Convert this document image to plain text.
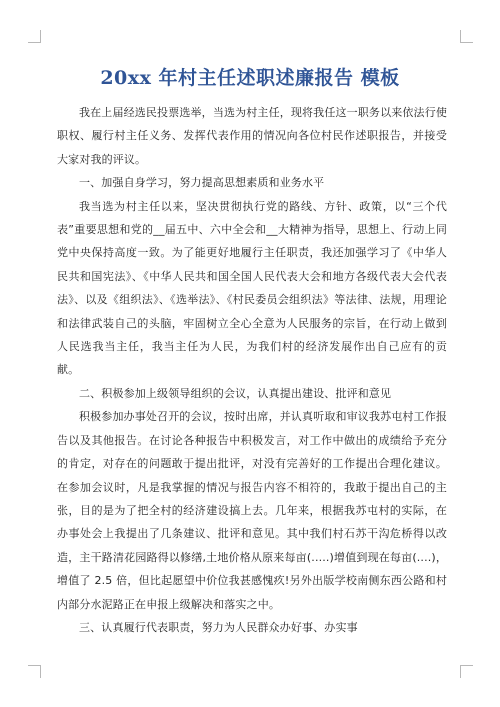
20xx 年村主任述职述廉报告 模板

我在上届经选民投票选举，当选为村主任，现将我任这一职务以来依法行使职权、履行村主任义务、发挥代表作用的情况向各位村民作述职报告，并接受大家对我的评议。

一、加强自身学习，努力提高思想素质和业务水平

我当选为村主任以来，坚决贯彻执行党的路线、方针、政策，以“三个代表”重要思想和党的__届五中、六中全会和__大精神为指导，思想上、行动上同党中央保持高度一致。为了能更好地履行主任职责，我还加强学习了《中华人民共和国宪法》、《中华人民共和国全国人民代表大会和地方各级代表大会代表法》、以及《组织法》、《选举法》、《村民委员会组织法》等法律、法规，用理论和法律武装自己的头脑，牢固树立全心全意为人民服务的宗旨，在行动上做到人民选我当主任，我当主任为人民，为我们村的经济发展作出自己应有的贡献。

二、积极参加上级领导组织的会议，认真提出建设、批评和意见

积极参加办事处召开的会议，按时出席，并认真听取和审议我苏屯村工作报告以及其他报告。在讨论各种报告中积极发言，对工作中做出的成绩给予充分的肯定，对存在的问题敢于提出批评，对没有完善好的工作提出合理化建议。在参加会议时，凡是我掌握的情况与报告内容不相符的，我敢于提出自己的主张，目的是为了把全村的经济建设搞上去。几年来，根据我苏屯村的实际，在办事处会上我提出了几条建议、批评和意见。其中我们村石苏干沟危桥得以改造，主干路清花园路得以修缮,土地价格从原来每亩(.....)增值到现在每亩(....)，增值了 2.5 倍，但比起愿望中价位我甚感愧疚!另外出版学校南侧东西公路和村内部分水泥路正在申报上级解决和落实之中。

三、认真履行代表职责，努力为人民群众办好事、办实事
